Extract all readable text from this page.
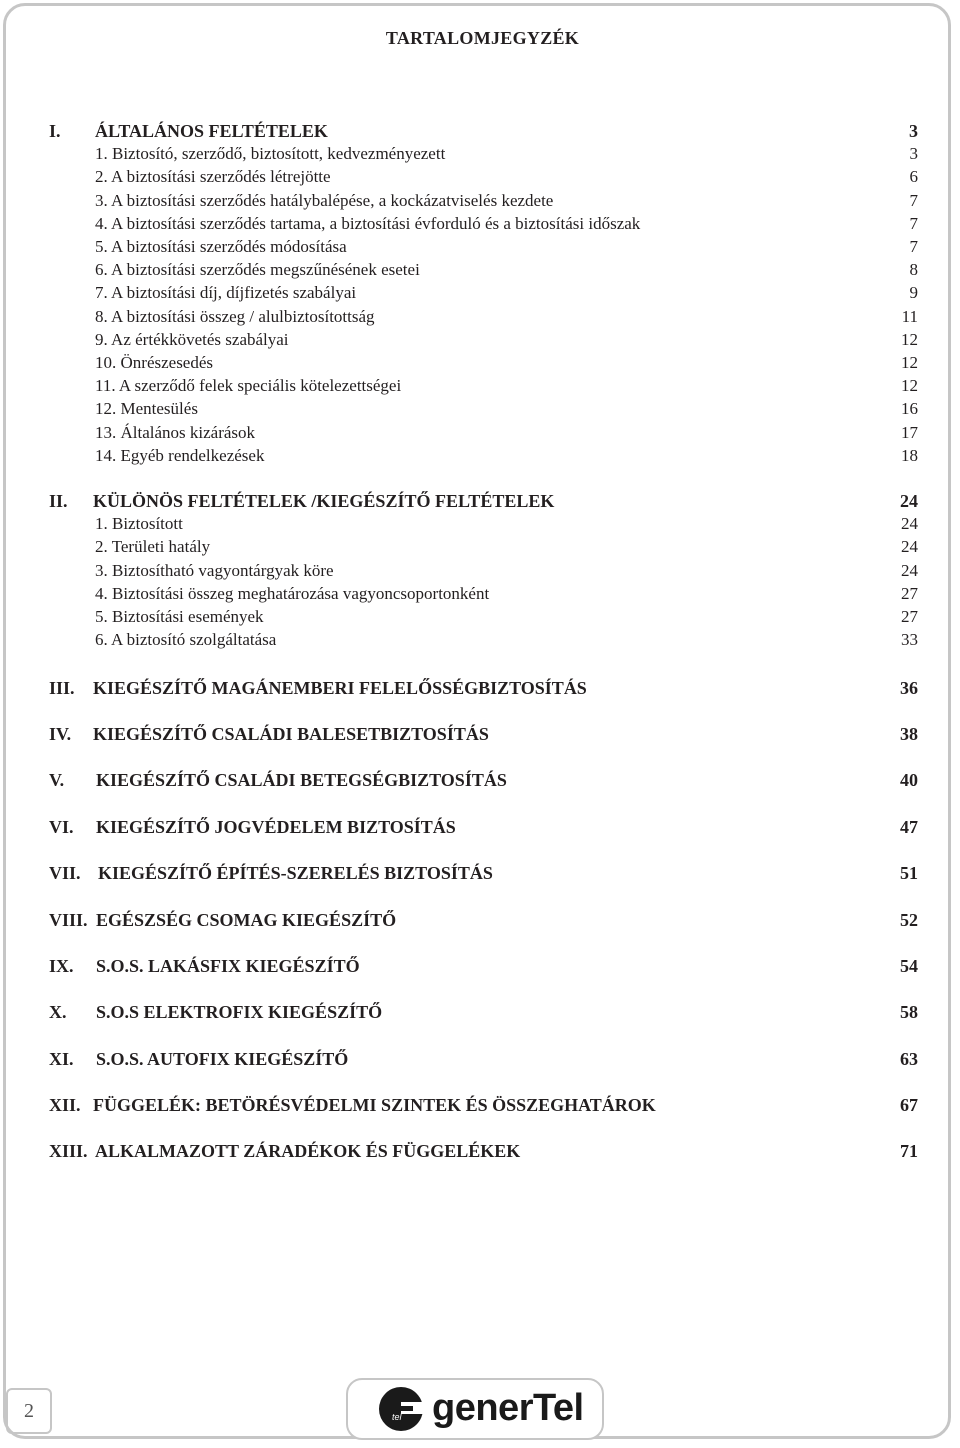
TARTALOMJEGYZÉK
I. ÁLTALÁNOS FELTÉTELEK	3
1. Biztosító, szerződő, biztosított, kedvezményezett	3
2. A biztosítási szerződés létrejötte	6
3. A biztosítási szerződés hatálybalépése, a kockázatviselés kezdete	7
4. A biztosítási szerződés tartama, a biztosítási évforduló és a biztosítási időszak	7
5. A biztosítási szerződés módosítása	7
6. A biztosítási szerződés megszűnésének esetei	8
7. A biztosítási díj, díjfizetés szabályai	9
8. A biztosítási összeg / alulbiztosítottság	11
9. Az értékkövetés szabályai	12
10. Önrészesedés	12
11. A szerződő felek speciális kötelezettségei	12
12. Mentesülés	16
13. Általános kizárások	17
14. Egyéb rendelkezések	18
II. KÜLÖNÖS FELTÉTELEK /KIEGÉSZÍTŐ FELTÉTELEK	24
1. Biztosított	24
2. Területi hatály	24
3. Biztosítható vagyontárgyak köre	24
4. Biztosítási összeg meghatározása vagyoncsoportonként	27
5. Biztosítási események	27
6. A biztosító szolgáltatása	33
III. KIEGÉSZÍTŐ MAGÁNEMBERI FELELŐSSÉGBIZTOSÍTÁS	36
IV. KIEGÉSZÍTŐ CSALÁDI BALESETBIZTOSÍTÁS	38
V. KIEGÉSZÍTŐ CSALÁDI BETEGSÉGBIZTOSÍTÁS	40
VI. KIEGÉSZÍTŐ JOGVÉDELEM BIZTOSÍTÁS	47
VII. KIEGÉSZÍTŐ ÉPÍTÉS-SZERELÉS BIZTOSÍTÁS	51
VIII. EGÉSZSÉG CSOMAG KIEGÉSZÍTŐ	52
IX. S.O.S. LAKÁSFIX KIEGÉSZÍTŐ	54
X. S.O.S ELEKTROFIX KIEGÉSZÍTŐ	58
XI. S.O.S. AUTOFIX KIEGÉSZÍTŐ	63
XII. FÜGGELÉK: BETÖRÉSVÉDELMI SZINTEK ÉS ÖSSZEGHATÁROK	67
XIII. ALKALMAZOTT ZÁRADÉKOK ÉS FÜGGELÉKEK	71
2	tel generTel
